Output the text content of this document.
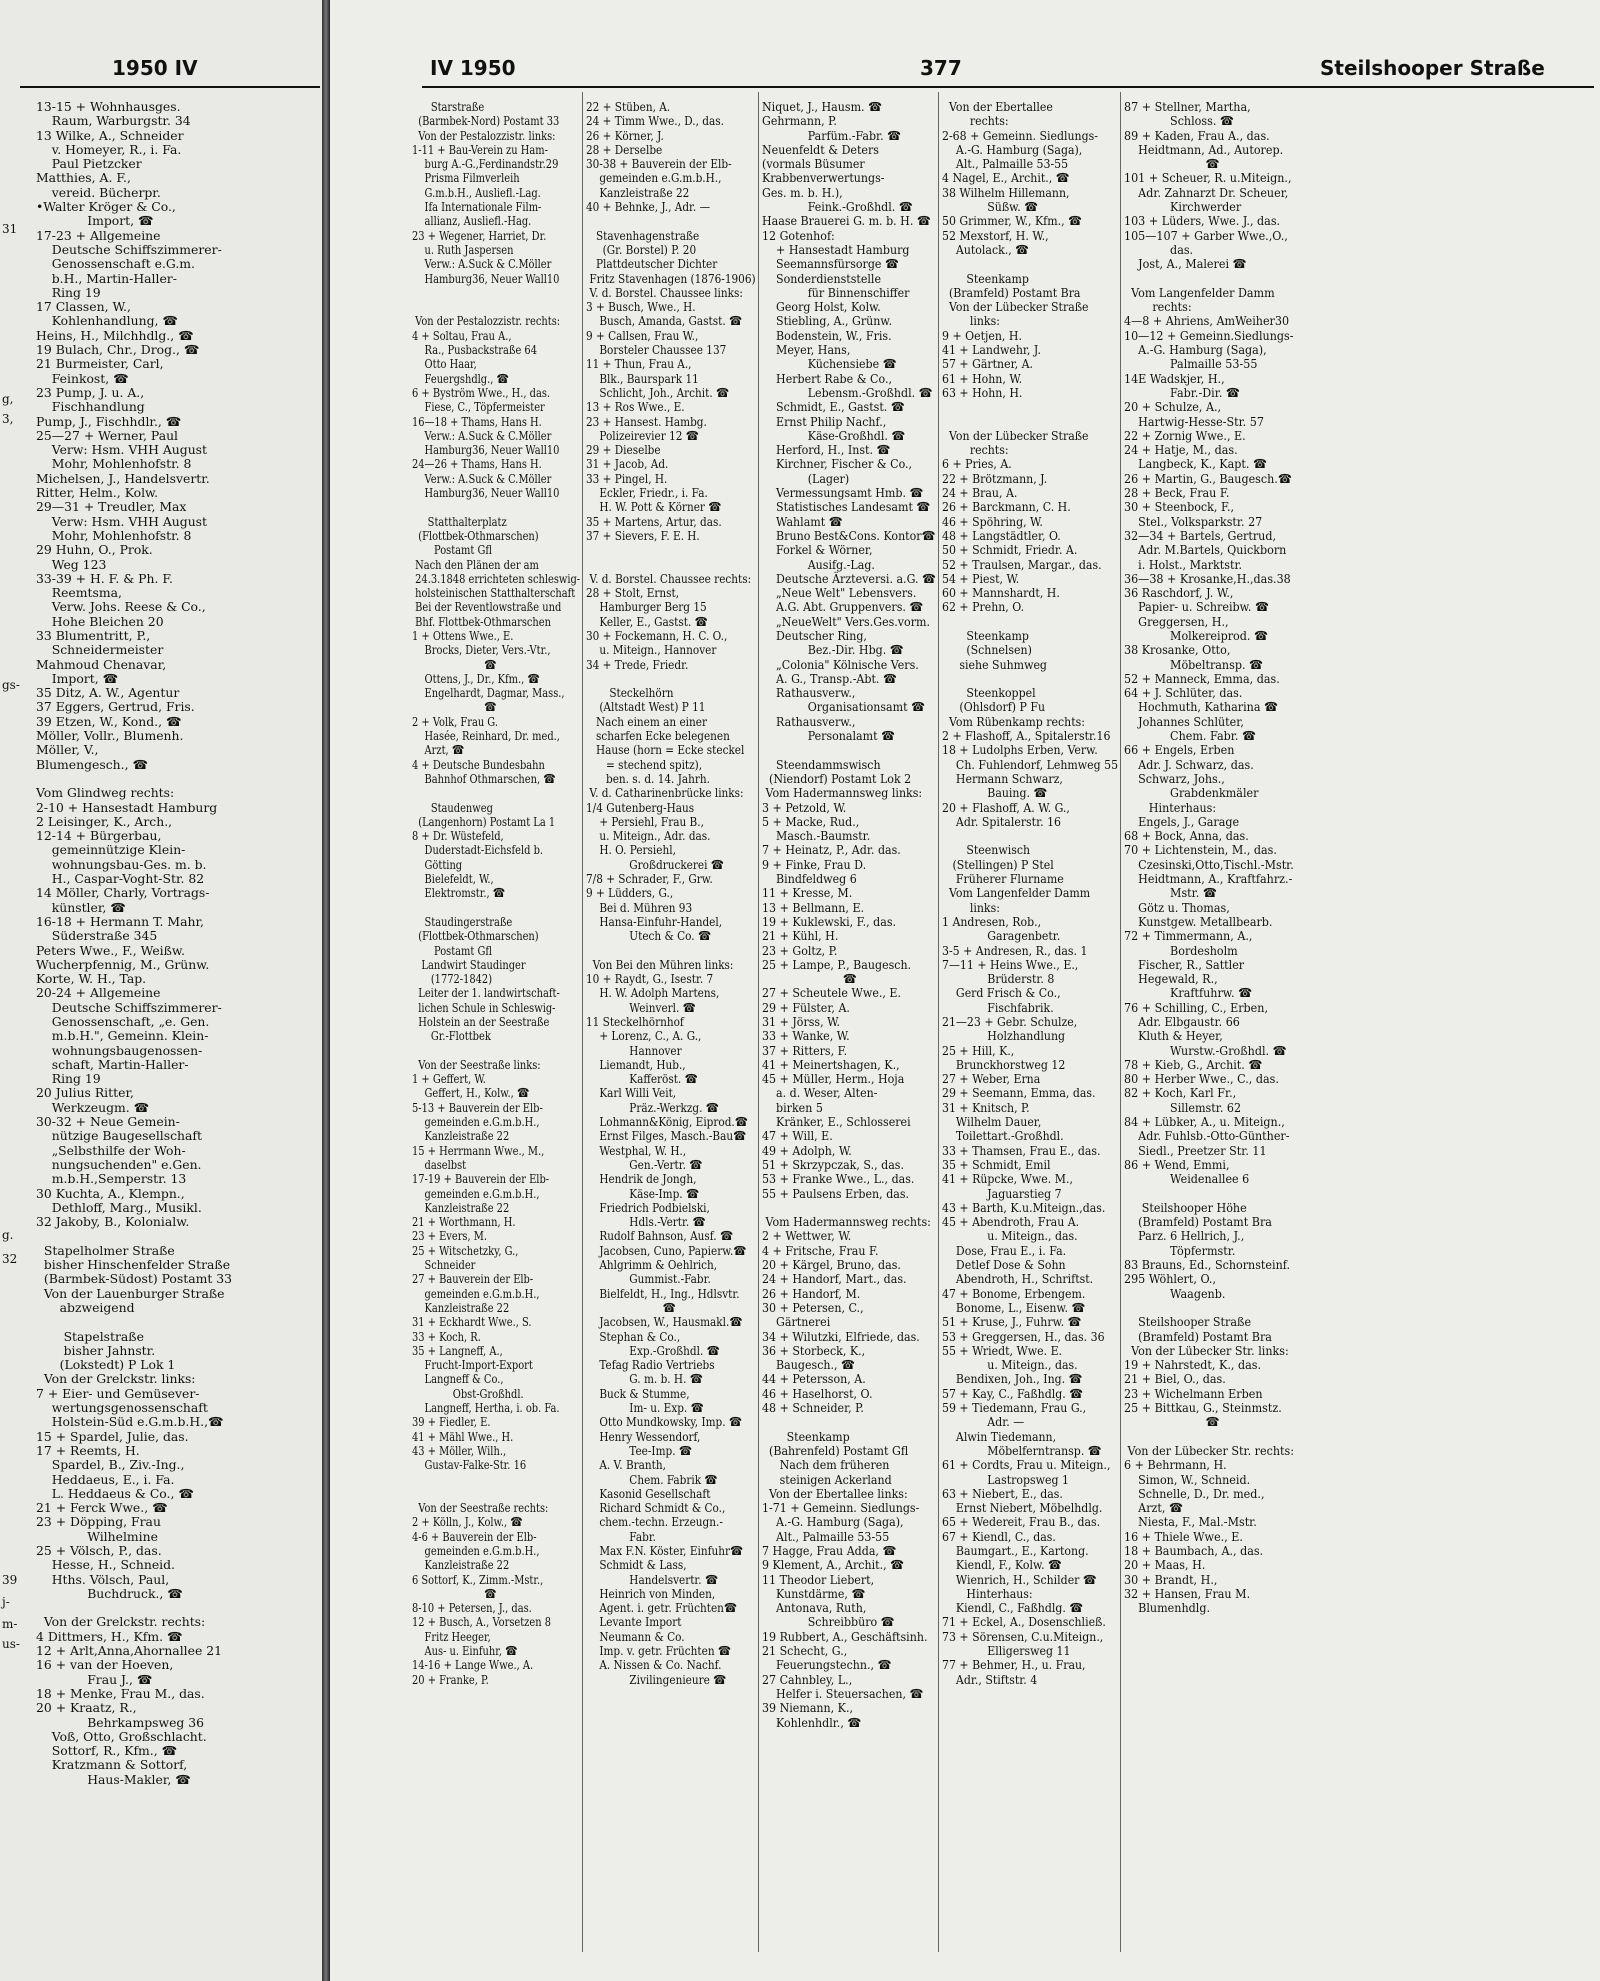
1950 IV
13-15 + Wohnhausges.
Raum, Warburgstr. 34
13 Wilke, A., Schneider
v. Homeyer, R., i. Fa.
Paul Pietzcker
Matthies, A. F.,
vereid. Bücherpr.
•Walter Kröger & Co.,
Import, ☎
17-23 + Allgemeine
Deutsche Schiffszimmerer-
Genossenschaft e.G.m.
b.H., Martin-Haller-
Ring 19
17 Classen, W.,
Kohlenhandlung, ☎
Heins, H., Milchhdlg., ☎
19 Bulach, Chr., Drog., ☎
21 Burmeister, Carl,
Feinkost, ☎
23 Pump, J. u. A.,
Fischhandlung
Pump, J., Fischhdlr., ☎
25—27 + Werner, Paul
Verw: Hsm. VHH August
Mohr, Mohlenhofstr. 8
Michelsen, J., Handelsvertr.
Ritter, Helm., Kolw.
29—31 + Treudler, Max
Verw: Hsm. VHH August
Mohr, Mohlenhofstr. 8
29 Huhn, O., Prok.
Weg 123
33-39 + H. F. & Ph. F.
Reemtsma,
Verw. Johs. Reese & Co.,
Hohe Bleichen 20
33 Blumentritt, P.,
Schneidermeister
Mahmoud Chenavar,
Import, ☎
35 Ditz, A. W., Agentur
37 Eggers, Gertrud, Fris.
39 Etzen, W., Kond., ☎
Möller, Vollr., Blumenh.
Möller, V.,
Blumengesch., ☎

Vom Glindweg rechts:
2-10 + Hansestadt Hamburg
2 Leisinger, K., Arch.,
12-14 + Bürgerbau,
gemeinnützige Klein-
wohnungsbau-Ges. m. b.
H., Caspar-Voght-Str. 82
14 Möller, Charly, Vortrags-
künstler, ☎
16-18 + Hermann T. Mahr,
Süderstraße 345
Peters Wwe., F., Weißw.
Wucherpfennig, M., Grünw.
Korte, W. H., Tap.
20-24 + Allgemeine
Deutsche Schiffszimmerer-
Genossenschaft, „e. Gen.
m.b.H.", Gemeinn. Klein-
wohnungsbaugenossen-
schaft, Martin-Haller-
Ring 19
20 Julius Ritter,
Werkzeugm. ☎
30-32 + Neue Gemein-
nützige Baugesellschaft
„Selbsthilfe der Woh-
nungsuchenden" e.Gen.
m.b.H.,Semperstr. 13
30 Kuchta, A., Klempn.,
Dethloff, Marg., Musikl.
32 Jakoby, B., Kolonialw.

Stapelholmer Straße
bisher Hinschenfelder Straße
(Barmbek-Südost) Postamt 33
Von der Lauenburger Straße
abzweigend

Stapelstraße
bisher Jahnstr.
(Lokstedt) P Lok 1
Von der Grelckstr. links:
7 + Eier- und Gemüsever-
wertungsgenossenschaft
Holstein-Süd e.G.m.b.H.,☎
15 + Spardel, Julie, das.
17 + Reemts, H.
Spardel, B., Ziv.-Ing.,
Heddaeus, E., i. Fa.
L. Heddaeus & Co., ☎
21 + Ferck Wwe., ☎
23 + Döpping, Frau
Wilhelmine
25 + Völsch, P., das.
Hesse, H., Schneid.
Hths. Völsch, Paul,
Buchdruck., ☎

Von der Grelckstr. rechts:
4 Dittmers, H., Kfm. ☎
12 + Arlt,Anna,Ahornallee 21
16 + van der Hoeven,
Frau J., ☎
18 + Menke, Frau M., das.
20 + Kraatz, R.,
Behrkampsweg 36
Voß, Otto, Großschlacht.
Sottorf, R., Kfm., ☎
Kratzmann & Sottorf,
Haus-Makler, ☎
31
g,
3,
gs-
g.
32
39
j-
m-
us-
IV 1950	377	Steilshooper Straße
Starstraße
(Barmbek-Nord) Postamt 33
Von der Pestalozzistr. links:
1-11 + Bau-Verein zu Ham-
burg A.-G.,Ferdinandstr.29
Prisma Filmverleih
G.m.b.H., Ausliefl.-Lag.
Ifa Internationale Film-
allianz, Ausliefl.-Hag.
23 + Wegener, Harriet, Dr.
u. Ruth Jaspersen
Verw.: A.Suck & C.Möller
Hamburg36, Neuer Wall10

Von der Pestalozzistr. rechts:
4 + Soltau, Frau A.,
Ra., Pusbackstraße 64
Otto Haar,
Feuergshdlg., ☎
6 + Byström Wwe., H., das.
Fiese, C., Töpfermeister
16—18 + Thams, Hans H.
Verw.: A.Suck & C.Möller
Hamburg36, Neuer Wall10
24—26 + Thams, Hans H.
Verw.: A.Suck & C.Möller
Hamburg36, Neuer Wall10

Statthalterplatz
(Flottbek-Othmarschen)
Postamt Gfl
Nach den Plänen der am
24.3.1848 errichteten schleswig-
holsteinischen Statthalterschaft
Bei der Reventlowstraße und
Bhf. Flottbek-Othmarschen
1 + Ottens Wwe., E.
Brocks, Dieter, Vers.-Vtr.,
☎
Ottens, J., Dr., Kfm., ☎
Engelhardt, Dagmar, Mass.,
☎
2 + Volk, Frau G.
Hasée, Reinhard, Dr. med.,
Arzt, ☎
4 + Deutsche Bundesbahn
Bahnhof Othmarschen, ☎

Staudenweg
(Langenhorn) Postamt La 1
8 + Dr. Wüstefeld,
Duderstadt-Eichsfeld b.
Götting
Bielefeldt, W.,
Elektromstr., ☎

Staudingerstraße
(Flottbek-Othmarschen)
Postamt Gfl
Landwirt Staudinger
(1772-1842)
Leiter der 1. landwirtschaft-
lichen Schule in Schleswig-
Holstein an der Seestraße
Gr.-Flottbek

Von der Seestraße links:
1 + Geffert, W.
Geffert, H., Kolw., ☎
5-13 + Bauverein der Elb-
gemeinden e.G.m.b.H.,
Kanzleistraße 22
15 + Herrmann Wwe., M.,
daselbst
17-19 + Bauverein der Elb-
gemeinden e.G.m.b.H.,
Kanzleistraße 22
21 + Worthmann, H.
23 + Evers, M.
25 + Witschetzky, G.,
Schneider
27 + Bauverein der Elb-
gemeinden e.G.m.b.H.,
Kanzleistraße 22
31 + Eckhardt Wwe., S.
33 + Koch, R.
35 + Langneff, A.,
Frucht-Import-Export
Langneff & Co.,
Obst-Großhdl.
Langneff, Hertha, i. ob. Fa.
39 + Fiedler, E.
41 + Mähl Wwe., H.
43 + Möller, Wilh.,
Gustav-Falke-Str. 16

Von der Seestraße rechts:
2 + Kölln, J., Kolw., ☎
4-6 + Bauverein der Elb-
gemeinden e.G.m.b.H.,
Kanzleistraße 22
6 Sottorf, K., Zimm.-Mstr.,
☎
8-10 + Petersen, J., das.
12 + Busch, A., Vorsetzen 8
Fritz Heeger,
Aus- u. Einfuhr, ☎
14-16 + Lange Wwe., A.
20 + Franke, P.
22 + Stüben, A.
24 + Timm Wwe., D., das.
26 + Körner, J.
28 + Derselbe
30-38 + Bauverein der Elb-
gemeinden e.G.m.b.H.,
Kanzleistraße 22
40 + Behnke, J., Adr. —

Stavenhagenstraße
(Gr. Borstel) P. 20
Plattdeutscher Dichter
Fritz Stavenhagen (1876-1906)
V. d. Borstel. Chaussee links:
3 + Busch, Wwe., H.
Busch, Amanda, Gastst. ☎
9 + Callsen, Frau W.,
Borsteler Chaussee 137
11 + Thun, Frau A.,
Blk., Baurspark 11
Schlicht, Joh., Archit. ☎
13 + Ros Wwe., E.
23 + Hansest. Hambg.
Polizeirevier 12 ☎
29 + Dieselbe
31 + Jacob, Ad.
33 + Pingel, H.
Eckler, Friedr., i. Fa.
H. W. Pott & Körner ☎
35 + Martens, Artur, das.
37 + Sievers, F. E. H.

V. d. Borstel. Chaussee rechts:
28 + Stolt, Ernst,
Hamburger Berg 15
Keller, E., Gastst. ☎
30 + Fockemann, H. C. O.,
u. Miteign., Hannover
34 + Trede, Friedr.

Steckelhörn
(Altstadt West) P 11
Nach einem an einer
scharfen Ecke belegenen
Hause (horn = Ecke steckel
= stechend spitz),
ben. s. d. 14. Jahrh.
V. d. Catharinenbrücke links:
1/4 Gutenberg-Haus
+ Persiehl, Frau B.,
u. Miteign., Adr. das.
H. O. Persiehl,
Großdruckerei ☎
7/8 + Schrader, F., Grw.
9 + Lüdders, G.,
Bei d. Mühren 93
Hansa-Einfuhr-Handel,
Utech & Co. ☎

Von Bei den Mühren links:
10 + Raydt, G., Isestr. 7
H. W. Adolph Martens,
Weinverl. ☎
11 Steckelhörnhof
+ Lorenz, C., A. G.,
Hannover
Liemandt, Hub.,
Kafferöst. ☎
Karl Willi Veit,
Präz.-Werkzg. ☎
Lohmann&König, Eiprod.☎
Ernst Filges, Masch.-Bau☎
Westphal, W. H.,
Gen.-Vertr. ☎
Hendrik de Jongh,
Käse-Imp. ☎
Friedrich Podbielski,
Hdls.-Vertr. ☎
Rudolf Bahnson, Ausf. ☎
Jacobsen, Cuno, Papierw.☎
Ahlgrimm & Oehlrich,
Gummist.-Fabr.
Bielfeldt, H., Ing., Hdlsvtr.
☎
Jacobsen, W., Hausmakl.☎
Stephan & Co.,
Exp.-Großhdl. ☎
Tefag Radio Vertriebs
G. m. b. H. ☎
Buck & Stumme,
Im- u. Exp. ☎
Otto Mundkowsky, Imp. ☎
Henry Wessendorf,
Tee-Imp. ☎
A. V. Branth,
Chem. Fabrik ☎
Kasonid Gesellschaft
Richard Schmidt & Co.,
chem.-techn. Erzeugn.-
Fabr.
Max F.N. Köster, Einfuhr☎
Schmidt & Lass,
Handelsvertr. ☎
Heinrich von Minden,
Agent. i. getr. Früchten☎
Levante Import
Neumann & Co.
Imp. v. getr. Früchten ☎
A. Nissen & Co. Nachf.
Zivilingenieure ☎
Niquet, J., Hausm. ☎
Gehrmann, P.
Parfüm.-Fabr. ☎
Neuenfeldt & Deters
(vormals Büsumer
Krabbenverwertungs-
Ges. m. b. H.),
Feink.-Großhdl. ☎
Haase Brauerei G. m. b. H. ☎
12 Gotenhof:
+ Hansestadt Hamburg
Seemannsfürsorge ☎
Sonderdienststelle
für Binnenschiffer
Georg Holst, Kolw.
Stiebling, A., Grünw.
Bodenstein, W., Fris.
Meyer, Hans,
Küchensiebe ☎
Herbert Rabe & Co.,
Lebensm.-Großhdl. ☎
Schmidt, E., Gastst. ☎
Ernst Philip Nachf.,
Käse-Großhdl. ☎
Herford, H., Inst. ☎
Kirchner, Fischer & Co.,
(Lager)
Vermessungsamt Hmb. ☎
Statistisches Landesamt ☎
Wahlamt ☎
Bruno Best&Cons. Kontor☎
Forkel & Wörner,
Ausifg.-Lag.
Deutsche Ärzteversi. a.G. ☎
„Neue Welt" Lebensvers.
A.G. Abt. Gruppenvers. ☎
„NeueWelt" Vers.Ges.vorm.
Deutscher Ring,
Bez.-Dir. Hbg. ☎
„Colonia" Kölnische Vers.
A. G., Transp.-Abt. ☎
Rathausverw.,
Organisationsamt ☎
Rathausverw.,
Personalamt ☎

Steendammswisch
(Niendorf) Postamt Lok 2
Vom Hadermannsweg links:
3 + Petzold, W.
5 + Macke, Rud.,
Masch.-Baumstr.
7 + Heinatz, P., Adr. das.
9 + Finke, Frau D.
Bindfeldweg 6
11 + Kresse, M.
13 + Bellmann, E.
19 + Kuklewski, F., das.
21 + Kühl, H.
23 + Goltz, P.
25 + Lampe, P., Baugesch.
☎
27 + Scheutele Wwe., E.
29 + Fülster, A.
31 + Jörss, W.
33 + Wanke, W.
37 + Ritters, F.
41 + Meinertshagen, K.,
45 + Müller, Herm., Hoja
a. d. Weser, Alten-
birken 5
Kränker, E., Schlosserei
47 + Will, E.
49 + Adolph, W.
51 + Skrzypczak, S., das.
53 + Franke Wwe., L., das.
55 + Paulsens Erben, das.

Vom Hadermannsweg rechts:
2 + Wettwer, W.
4 + Fritsche, Frau F.
20 + Kärgel, Bruno, das.
24 + Handorf, Mart., das.
26 + Handorf, M.
30 + Petersen, C.,
Gärtnerei
34 + Wilutzki, Elfriede, das.
36 + Storbeck, K.,
Baugesch., ☎
44 + Petersson, A.
46 + Haselhorst, O.
48 + Schneider, P.

Steenkamp
(Bahrenfeld) Postamt Gfl
Nach dem früheren
steinigen Ackerland
Von der Ebertallee links:
1-71 + Gemeinn. Siedlungs-
A.-G. Hamburg (Saga),
Alt., Palmaille 53-55
7 Hagge, Frau Adda, ☎
9 Klement, A., Archit., ☎
11 Theodor Liebert,
Kunstdärme, ☎
Antonava, Ruth,
Schreibbüro ☎
19 Rubbert, A., Geschäftsinh.
21 Schecht, G.,
Feuerungstechn., ☎
27 Cahnbley, L.,
Helfer i. Steuersachen, ☎
39 Niemann, K.,
Kohlenhdlr., ☎
Von der Ebertallee
rechts:
2-68 + Gemeinn. Siedlungs-
A.-G. Hamburg (Saga),
Alt., Palmaille 53-55
4 Nagel, E., Archit., ☎
38 Wilhelm Hillemann,
Süßw. ☎
50 Grimmer, W., Kfm., ☎
52 Mexstorf, H. W.,
Autolack., ☎

Steenkamp
(Bramfeld) Postamt Bra
Von der Lübecker Straße
links:
9 + Oetjen, H.
41 + Landwehr, J.
57 + Gärtner, A.
61 + Hohn, W.
63 + Hohn, H.

Von der Lübecker Straße
rechts:
6 + Pries, A.
22 + Brötzmann, J.
24 + Brau, A.
26 + Barckmann, C. H.
46 + Spöhring, W.
48 + Langstädtler, O.
50 + Schmidt, Friedr. A.
52 + Traulsen, Margar., das.
54 + Piest, W.
60 + Mannshardt, H.
62 + Prehn, O.

Steenkamp
(Schnelsen)
siehe Suhmweg

Steenkoppel
(Ohlsdorf) P Fu
Vom Rübenkamp rechts:
2 + Flashoff, A., Spitalerstr.16
18 + Ludolphs Erben, Verw.
Ch. Fuhlendorf, Lehmweg 55
Hermann Schwarz,
Bauing. ☎
20 + Flashoff, A. W. G.,
Adr. Spitalerstr. 16

Steenwisch
(Stellingen) P Stel
Früherer Flurname
Vom Langenfelder Damm
links:
1 Andresen, Rob.,
Garagenbetr.
3-5 + Andresen, R., das. 1
7—11 + Heins Wwe., E.,
Brüderstr. 8
Gerd Frisch & Co.,
Fischfabrik.
21—23 + Gebr. Schulze,
Holzhandlung
25 + Hill, K.,
Brunckhorstweg 12
27 + Weber, Erna
29 + Seemann, Emma, das.
31 + Knitsch, P.
Wilhelm Dauer,
Toilettart.-Großhdl.
33 + Thamsen, Frau E., das.
35 + Schmidt, Emil
41 + Rüpcke, Wwe. M.,
Jaguarstieg 7
43 + Barth, K.u.Miteign.,das.
45 + Abendroth, Frau A.
u. Miteign., das.
Dose, Frau E., i. Fa.
Detlef Dose & Sohn
Abendroth, H., Schriftst.
47 + Bonome, Erbengem.
Bonome, L., Eisenw. ☎
51 + Kruse, J., Fuhrw. ☎
53 + Greggersen, H., das. 36
55 + Wriedt, Wwe. E.
u. Miteign., das.
Bendixen, Joh., Ing. ☎
57 + Kay, C., Faßhdlg. ☎
59 + Tiedemann, Frau G.,
Adr. —
Alwin Tiedemann,
Möbelferntransp. ☎
61 + Cordts, Frau u. Miteign.,
Lastropsweg 1
63 + Niebert, E., das.
Ernst Niebert, Möbelhdlg.
65 + Wedereit, Frau B., das.
67 + Kiendl, C., das.
Baumgart., E., Kartong.
Kiendl, F., Kolw. ☎
Wienrich, H., Schilder ☎
Hinterhaus:
Kiendl, C., Faßhdlg. ☎
71 + Eckel, A., Dosenschließ.
73 + Sörensen, C.u.Miteign.,
Elligersweg 11
77 + Behmer, H., u. Frau,
Adr., Stiftstr. 4
87 + Stellner, Martha,
Schloss. ☎
89 + Kaden, Frau A., das.
Heidtmann, Ad., Autorep.
☎
101 + Scheuer, R. u.Miteign.,
Adr. Zahnarzt Dr. Scheuer,
Kirchwerder
103 + Lüders, Wwe. J., das.
105—107 + Garber Wwe.,O.,
das.
Jost, A., Malerei ☎

Vom Langenfelder Damm
rechts:
4—8 + Ahriens, AmWeiher30
10—12 + Gemeinn.Siedlungs-
A.-G. Hamburg (Saga),
Palmaille 53-55
14E Wadskjer, H.,
Fabr.-Dir. ☎
20 + Schulze, A.,
Hartwig-Hesse-Str. 57
22 + Zornig Wwe., E.
24 + Hatje, M., das.
Langbeck, K., Kapt. ☎
26 + Martin, G., Baugesch.☎
28 + Beck, Frau F.
30 + Steenbock, F.,
Stel., Volksparkstr. 27
32—34 + Bartels, Gertrud,
Adr. M.Bartels, Quickborn
i. Holst., Marktstr.
36—38 + Krosanke,H.,das.38
36 Raschdorf, J. W.,
Papier- u. Schreibw. ☎
Greggersen, H.,
Molkereiprod. ☎
38 Krosanke, Otto,
Möbeltransp. ☎
52 + Manneck, Emma, das.
64 + J. Schlüter, das.
Hochmuth, Katharina ☎
Johannes Schlüter,
Chem. Fabr. ☎
66 + Engels, Erben
Adr. J. Schwarz, das.
Schwarz, Johs.,
Grabdenkmäler
Hinterhaus:
Engels, J., Garage
68 + Bock, Anna, das.
70 + Lichtenstein, M., das.
Czesinski,Otto,Tischl.-Mstr.
Heidtmann, A., Kraftfahrz.-
Mstr. ☎
Götz u. Thomas,
Kunstgew. Metallbearb.
72 + Timmermann, A.,
Bordesholm
Fischer, R., Sattler
Hegewald, R.,
Kraftfuhrw. ☎
76 + Schilling, C., Erben,
Adr. Elbgaustr. 66
Kluth & Heyer,
Wurstw.-Großhdl. ☎
78 + Kieb, G., Archit. ☎
80 + Herber Wwe., C., das.
82 + Koch, Karl Fr.,
Sillemstr. 62
84 + Lübker, A., u. Miteign.,
Adr. Fuhlsb.-Otto-Günther-
Siedl., Preetzer Str. 11
86 + Wend, Emmi,
Weidenallee 6

Steilshooper Höhe
(Bramfeld) Postamt Bra
Parz. 6 Hellrich, J.,
Töpfermstr.
83 Brauns, Ed., Schornsteinf.
295 Wöhlert, O.,
Waagenb.

Steilshooper Straße
(Bramfeld) Postamt Bra
Von der Lübecker Str. links:
19 + Nahrstedt, K., das.
21 + Biel, O., das.
23 + Wichelmann Erben
25 + Bittkau, G., Steinmstz.
☎

Von der Lübecker Str. rechts:
6 + Behrmann, H.
Simon, W., Schneid.
Schnelle, D., Dr. med.,
Arzt, ☎
Niesta, F., Mal.-Mstr.
16 + Thiele Wwe., E.
18 + Baumbach, A., das.
20 + Maas, H.
30 + Brandt, H.,
32 + Hansen, Frau M.
Blumenhdlg.
